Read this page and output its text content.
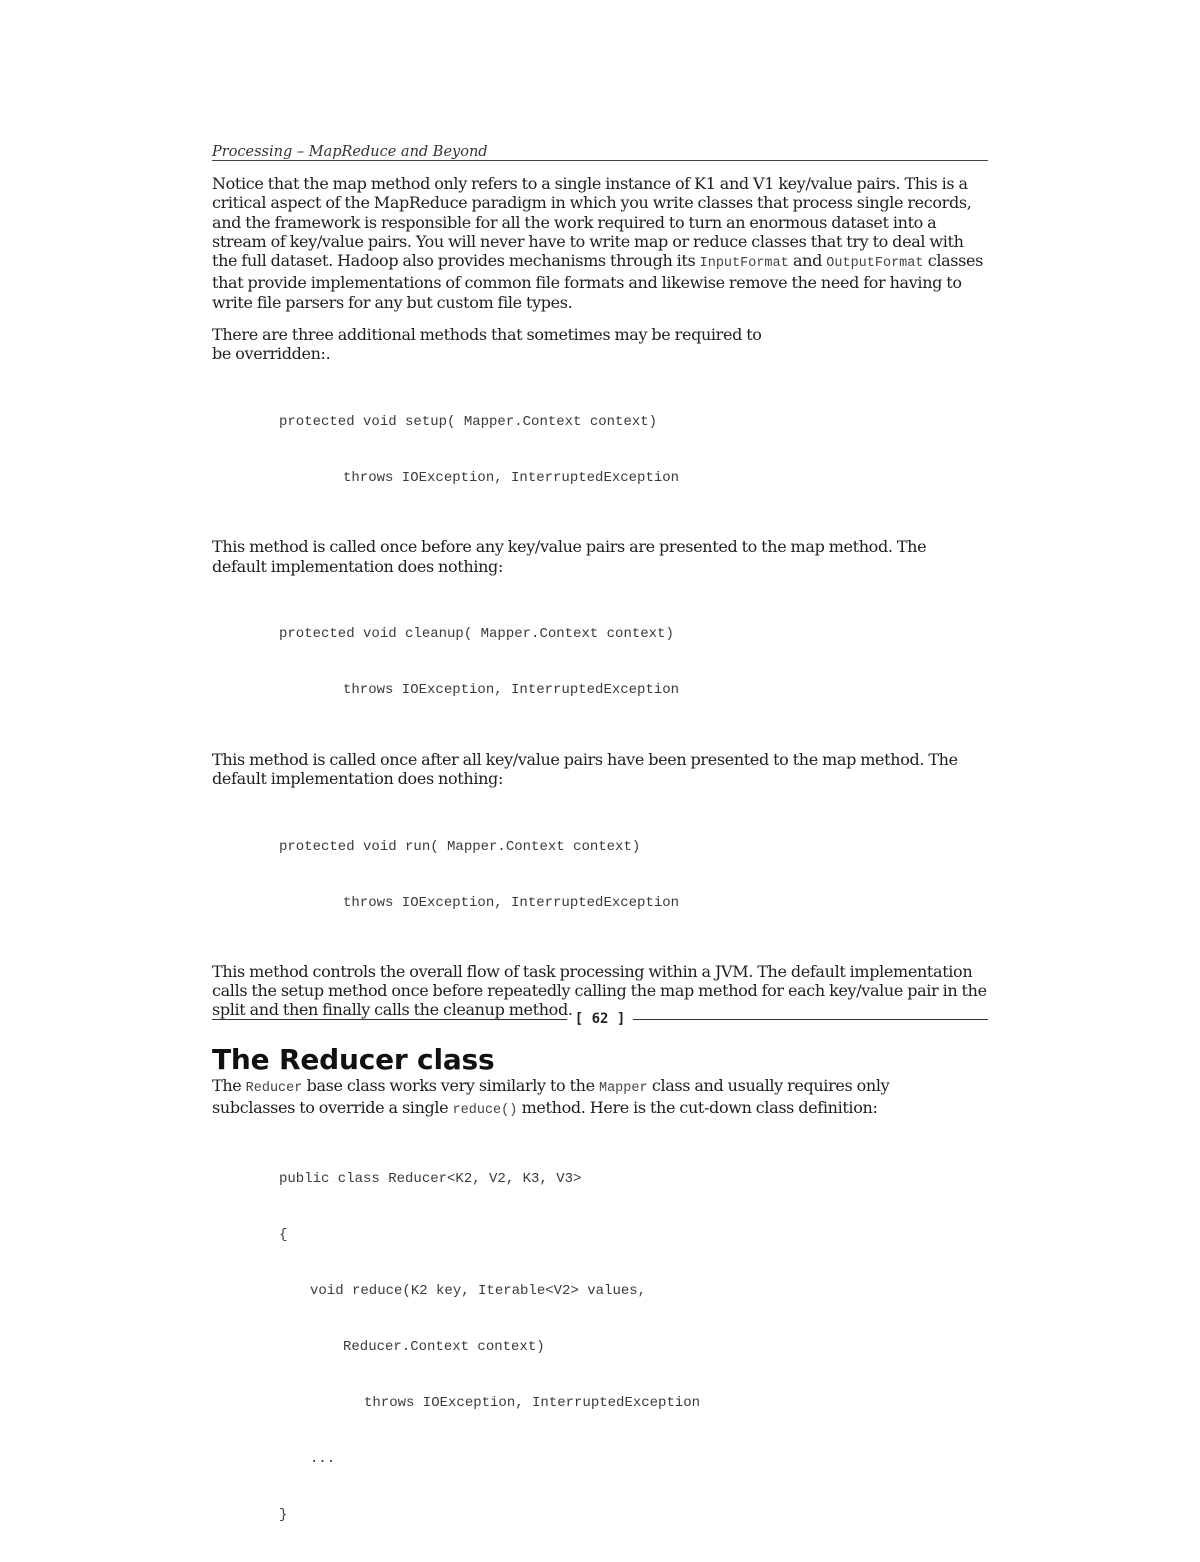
Processing – MapReduce and Beyond

Notice that the map method only refers to a single instance of K1 and V1 key/value pairs. This is a critical aspect of the MapReduce paradigm in which you write classes that process single records, and the framework is responsible for all the work required to turn an enormous dataset into a stream of key/value pairs. You will never have to write map or reduce classes that try to deal with the full dataset. Hadoop also provides mechanisms through its InputFormat and OutputFormat classes that provide implementations of common file formats and likewise remove the need for having to write file parsers for any but custom file types.

There are three additional methods that sometimes may be required to
be overridden:.

protected void setup( Mapper.Context context)

throws IOException, InterruptedException

This method is called once before any key/value pairs are presented to the map method. The default implementation does nothing:

protected void cleanup( Mapper.Context context)

throws IOException, InterruptedException

This method is called once after all key/value pairs have been presented to the map method. The default implementation does nothing:

protected void run( Mapper.Context context)

throws IOException, InterruptedException

This method controls the overall flow of task processing within a JVM. The default implementation calls the setup method once before repeatedly calling the map method for each key/value pair in the split and then finally calls the cleanup method.

The Reducer class

The Reducer base class works very similarly to the Mapper class and usually requires only subclasses to override a single reduce() method. Here is the cut-down class definition:

public class Reducer<K2, V2, K3, V3>

{

void reduce(K2 key, Iterable<V2> values,

Reducer.Context context)

throws IOException, InterruptedException

...

}

[ 62 ]
